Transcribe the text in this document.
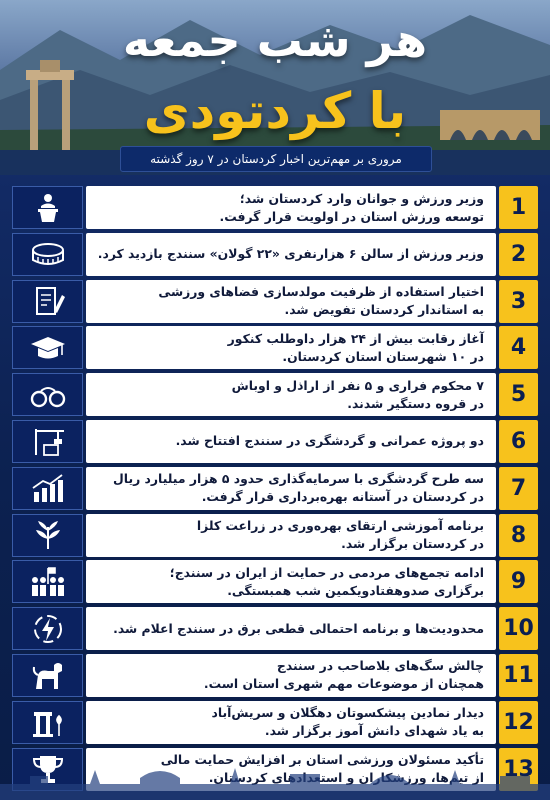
هر شب جمعه
با کردتودی
مروری بر مهم‌ترین اخبار کردستان در ۷ روز گذشته
وزیر ورزش و جوانان وارد کردستان شد؛
توسعه ورزش استان در اولویت قرار گرفت.	1
وزیر ورزش از سالن ۶ هزارنفری «۲۲ گولان» سنندج بازدید کرد.	2
اختیار استفاده از ظرفیت مولدسازی فضاهای ورزشی
به استاندار کردستان تفویض شد.	3
آغاز رقابت بیش از ۲۴ هزار داوطلب کنکور
در ۱۰ شهرستان استان کردستان.	4
۷ محکوم فراری و ۵ نفر از اراذل و اوباش
در قروه دستگیر شدند.	5
دو پروژه عمرانی و گردشگری در سنندج افتتاح شد.	6
سه طرح گردشگری با سرمایه‌گذاری حدود ۵ هزار میلیارد ریال
در کردستان در آستانه بهره‌برداری قرار گرفت.	7
برنامه آموزشی ارتقای بهره‌وری در زراعت کلزا
در کردستان برگزار شد.	8
ادامه تجمع‌های مردمی در حمایت از ایران در سنندج؛
برگزاری صدوهفتادویکمین شب همبستگی.	9
محدودیت‌ها و برنامه احتمالی قطعی برق در سنندج اعلام شد. 10
چالش سگ‌های بلاصاحب در سنندج
همچنان از موضوعات مهم شهری استان است.	11
دیدار نمادین پیشکسوتان دهگلان و سریش‌آباد
به یاد شهدای دانش آموز برگزار شد.	12
تأکید مسئولان ورزشی استان بر افزایش حمایت مالی
از تیم‌ها، و	13
